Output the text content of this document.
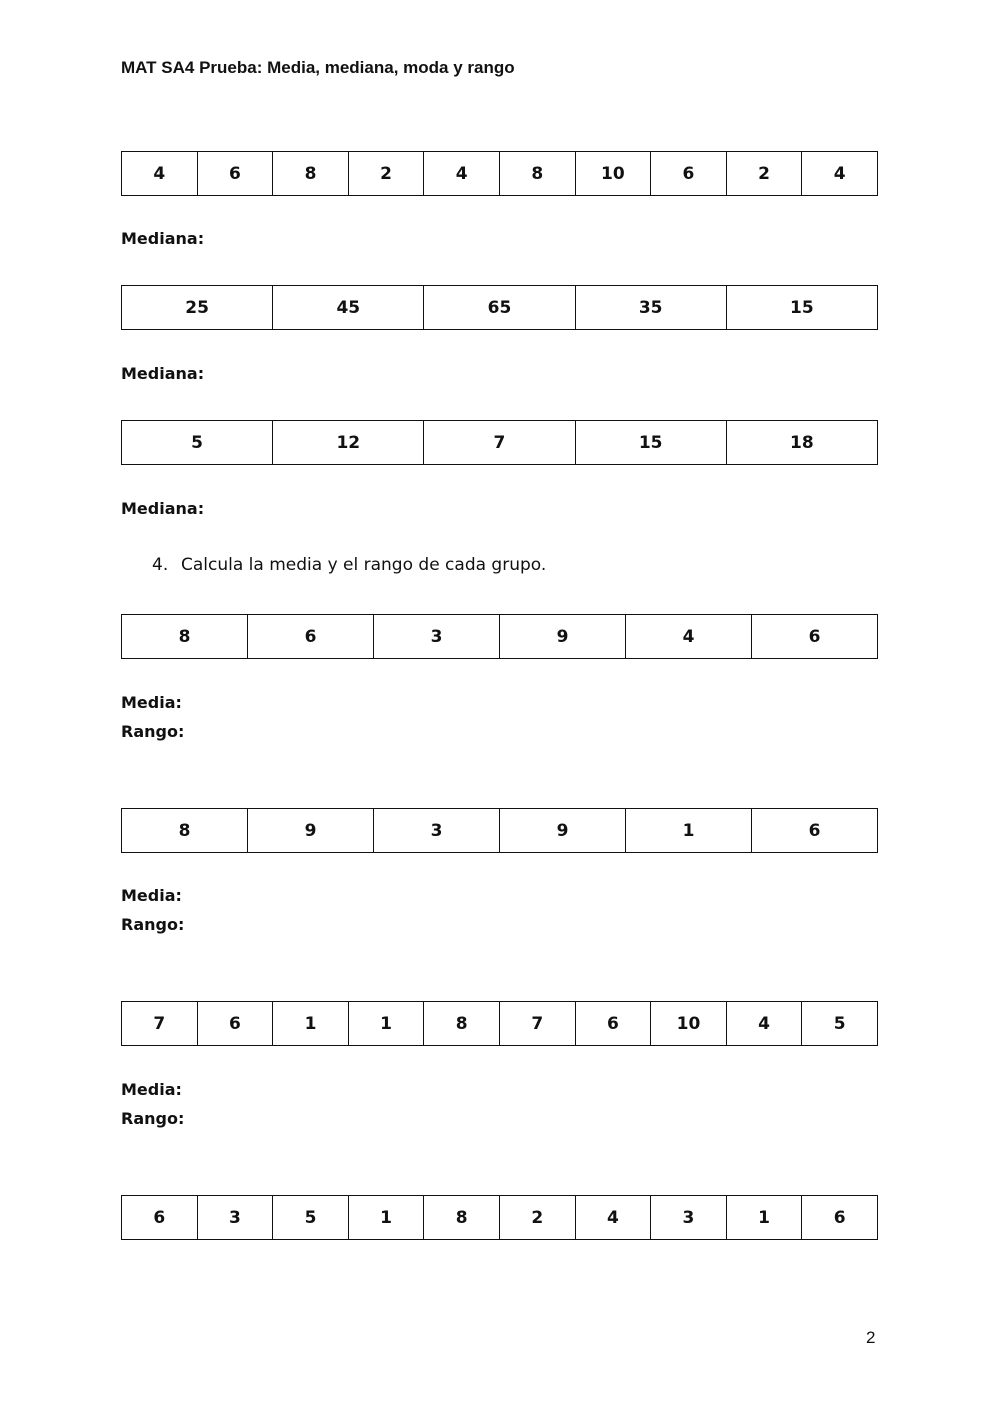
MAT SA4 Prueba: Media, mediana, moda y rango
4	6	8	2	4	8	10	6	2	4
Mediana:
25	45	65	35	15
Mediana:
5	12	7	15	18
Mediana:
4. Calcula la media y el rango de cada grupo.
8	6	3	9	4	6
Media:
Rango:
8	9	3	9	1	6
Media:
Rango:
7	6	1	1	8	7	6	10	4	5
Media:
Rango:
6	3	5	1	8	2	4	3	1	6
2
